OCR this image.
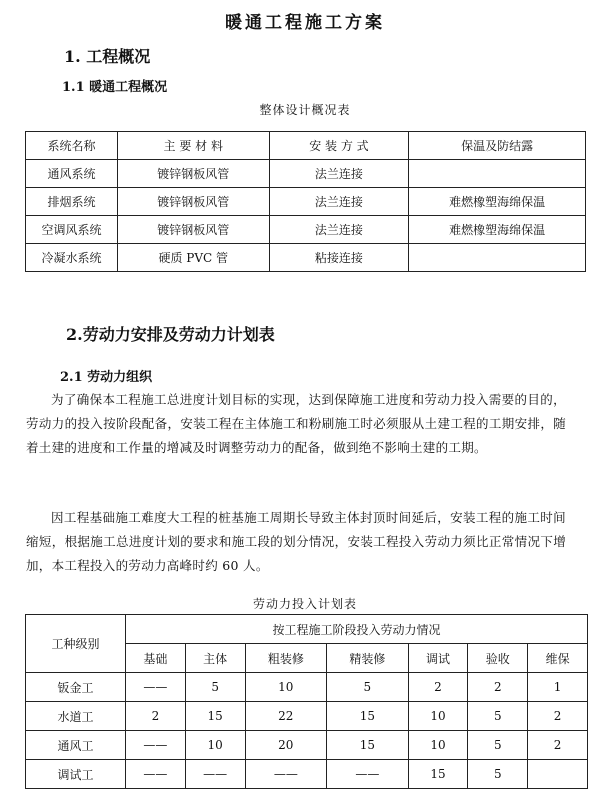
暖通工程施工方案
1. 工程概况
1.1 暖通工程概况
整体设计概况表
系统名称	主 要 材 料	安 装 方 式	保温及防结露
通风系统	镀锌钢板风管	法兰连接	
排烟系统	镀锌钢板风管	法兰连接	难燃橡塑海绵保温
空调风系统	镀锌钢板风管	法兰连接	难燃橡塑海绵保温
冷凝水系统	硬质 PVC 管	粘接连接	
2.劳动力安排及劳动力计划表
2.1 劳动力组织

为了确保本工程施工总进度计划目标的实现，达到保障施工进度和劳动力投入需要的目的，劳动力的投入按阶段配备，安装工程在主体施工和粉刷施工时必须服从土建工程的工期安排，随着土建的进度和工作量的增减及时调整劳动力的配备，做到绝不影响土建的工期。

因工程基础施工难度大工程的桩基施工周期长导致主体封顶时间延后，安装工程的施工时间缩短，根据施工总进度计划的要求和施工段的划分情况，安装工程投入劳动力须比正常情况下增加，本工程投入的劳动力高峰时约 60 人。

劳动力投入计划表
工种级别	按工程施工阶段投入劳动力情况						
	基础	主体	粗装修	精装修	调试	验收	维保
钣金工	——	5	10	5	2	2	1
水道工	2	15	22	15	10	5	2
通风工	——	10	20	15	10	5	2
调试工	——	——	——	——	15	5	
